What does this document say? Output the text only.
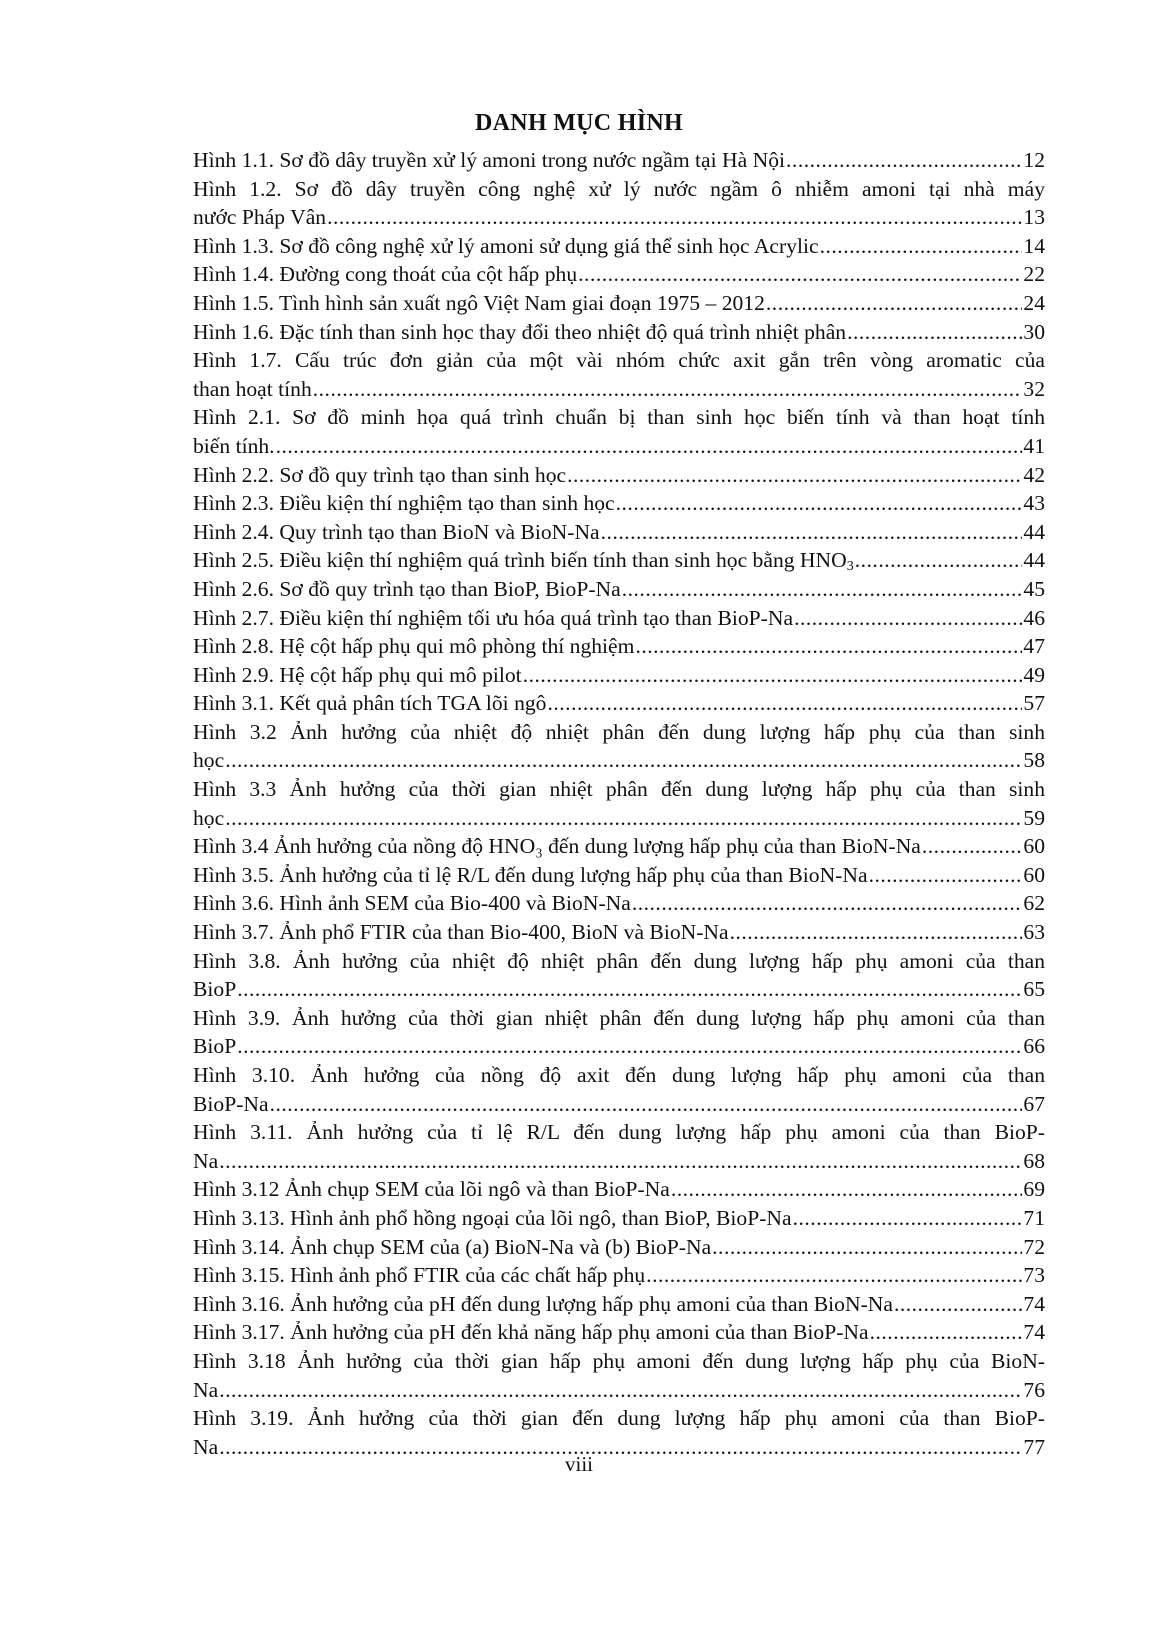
DANH MỤC HÌNH
Hình 1.1. Sơ đồ dây truyền xử lý amoni trong nước ngầm tại Hà Nội .....	12
Hình 1.2. Sơ đồ dây truyền công nghệ xử lý nước ngầm ô nhiễm amoni tại nhà máy
nước Pháp Vân .....	13
Hình 1.3. Sơ đồ công nghệ xử lý amoni sử dụng giá thể sinh học Acrylic .....	14
Hình 1.4. Đường cong thoát của cột hấp phụ .....	22
Hình 1.5. Tình hình sản xuất ngô Việt Nam giai đoạn 1975 – 2012 .....	24
Hình 1.6. Đặc tính than sinh học thay đổi theo nhiệt độ quá trình nhiệt phân .....	30
Hình 1.7. Cấu trúc đơn giản của một vài nhóm chức axit gắn trên vòng aromatic của
than hoạt tính .....	32
Hình 2.1. Sơ đồ minh họa quá trình chuẩn bị than sinh học biến tính và than hoạt tính
biến tính. .....	41
Hình 2.2. Sơ đồ quy trình tạo than sinh học .....	42
Hình 2.3. Điều kiện thí nghiệm tạo than sinh học .....	43
Hình 2.4. Quy trình tạo than BioN và BioN-Na .....	44
Hình 2.5. Điều kiện thí nghiệm quá trình biến tính than sinh học bằng $HNO_3$ .....	44
Hình 2.6. Sơ đồ quy trình tạo than BioP, BioP-Na .....	45
Hình 2.7. Điều kiện thí nghiệm tối ưu hóa quá trình tạo than BioP-Na .....	46
Hình 2.8. Hệ cột hấp phụ qui mô phòng thí nghiệm .....	47
Hình 2.9. Hệ cột hấp phụ qui mô pilot .....	49
Hình 3.1. Kết quả phân tích TGA lõi ngô .....	57
Hình 3.2 Ảnh hưởng của nhiệt độ nhiệt phân đến dung lượng hấp phụ của than sinh
học .....	58
Hình 3.3 Ảnh hưởng của thời gian nhiệt phân đến dung lượng hấp phụ của than sinh
học .....	59
Hình 3.4 Ảnh hưởng của nồng độ HNO₃ đến dung lượng hấp phụ của than BioN-Na .....	60
Hình 3.5. Ảnh hưởng của tỉ lệ R/L đến dung lượng hấp phụ của than BioN-Na .....	60
Hình 3.6. Hình ảnh SEM của Bio-400 và BioN-Na .....	62
Hình 3.7. Ảnh phổ FTIR của than Bio-400, BioN và BioN-Na .....	63
Hình 3.8. Ảnh hưởng của nhiệt độ nhiệt phân đến dung lượng hấp phụ amoni của than
BioP .....	65
Hình 3.9. Ảnh hưởng của thời gian nhiệt phân đến dung lượng hấp phụ amoni của than
BioP .....	66
Hình 3.10. Ảnh hưởng của nồng độ axit đến dung lượng hấp phụ amoni của than
BioP-Na .....	67
Hình 3.11. Ảnh hưởng của tỉ lệ R/L đến dung lượng hấp phụ amoni của than BioP-
Na .....	68
Hình 3.12 Ảnh chụp SEM của lõi ngô và than BioP-Na .....	69
Hình 3.13. Hình ảnh phổ hồng ngoại của lõi ngô, than BioP, BioP-Na .....	71
Hình 3.14. Ảnh chụp SEM của (a) BioN-Na và (b) BioP-Na .....	72
Hình 3.15. Hình ảnh phổ FTIR của các chất hấp phụ .....	73
Hình 3.16. Ảnh hưởng của pH đến dung lượng hấp phụ amoni của than BioN-Na .....	74
Hình 3.17. Ảnh hưởng của pH đến khả năng hấp phụ amoni của than BioP-Na .....	74
Hình 3.18 Ảnh hưởng của thời gian hấp phụ amoni đến dung lượng hấp phụ của BioN-
Na .....	76
Hình 3.19. Ảnh hưởng của thời gian đến dung lượng hấp phụ amoni của than BioP-
Na .....	77
viii
